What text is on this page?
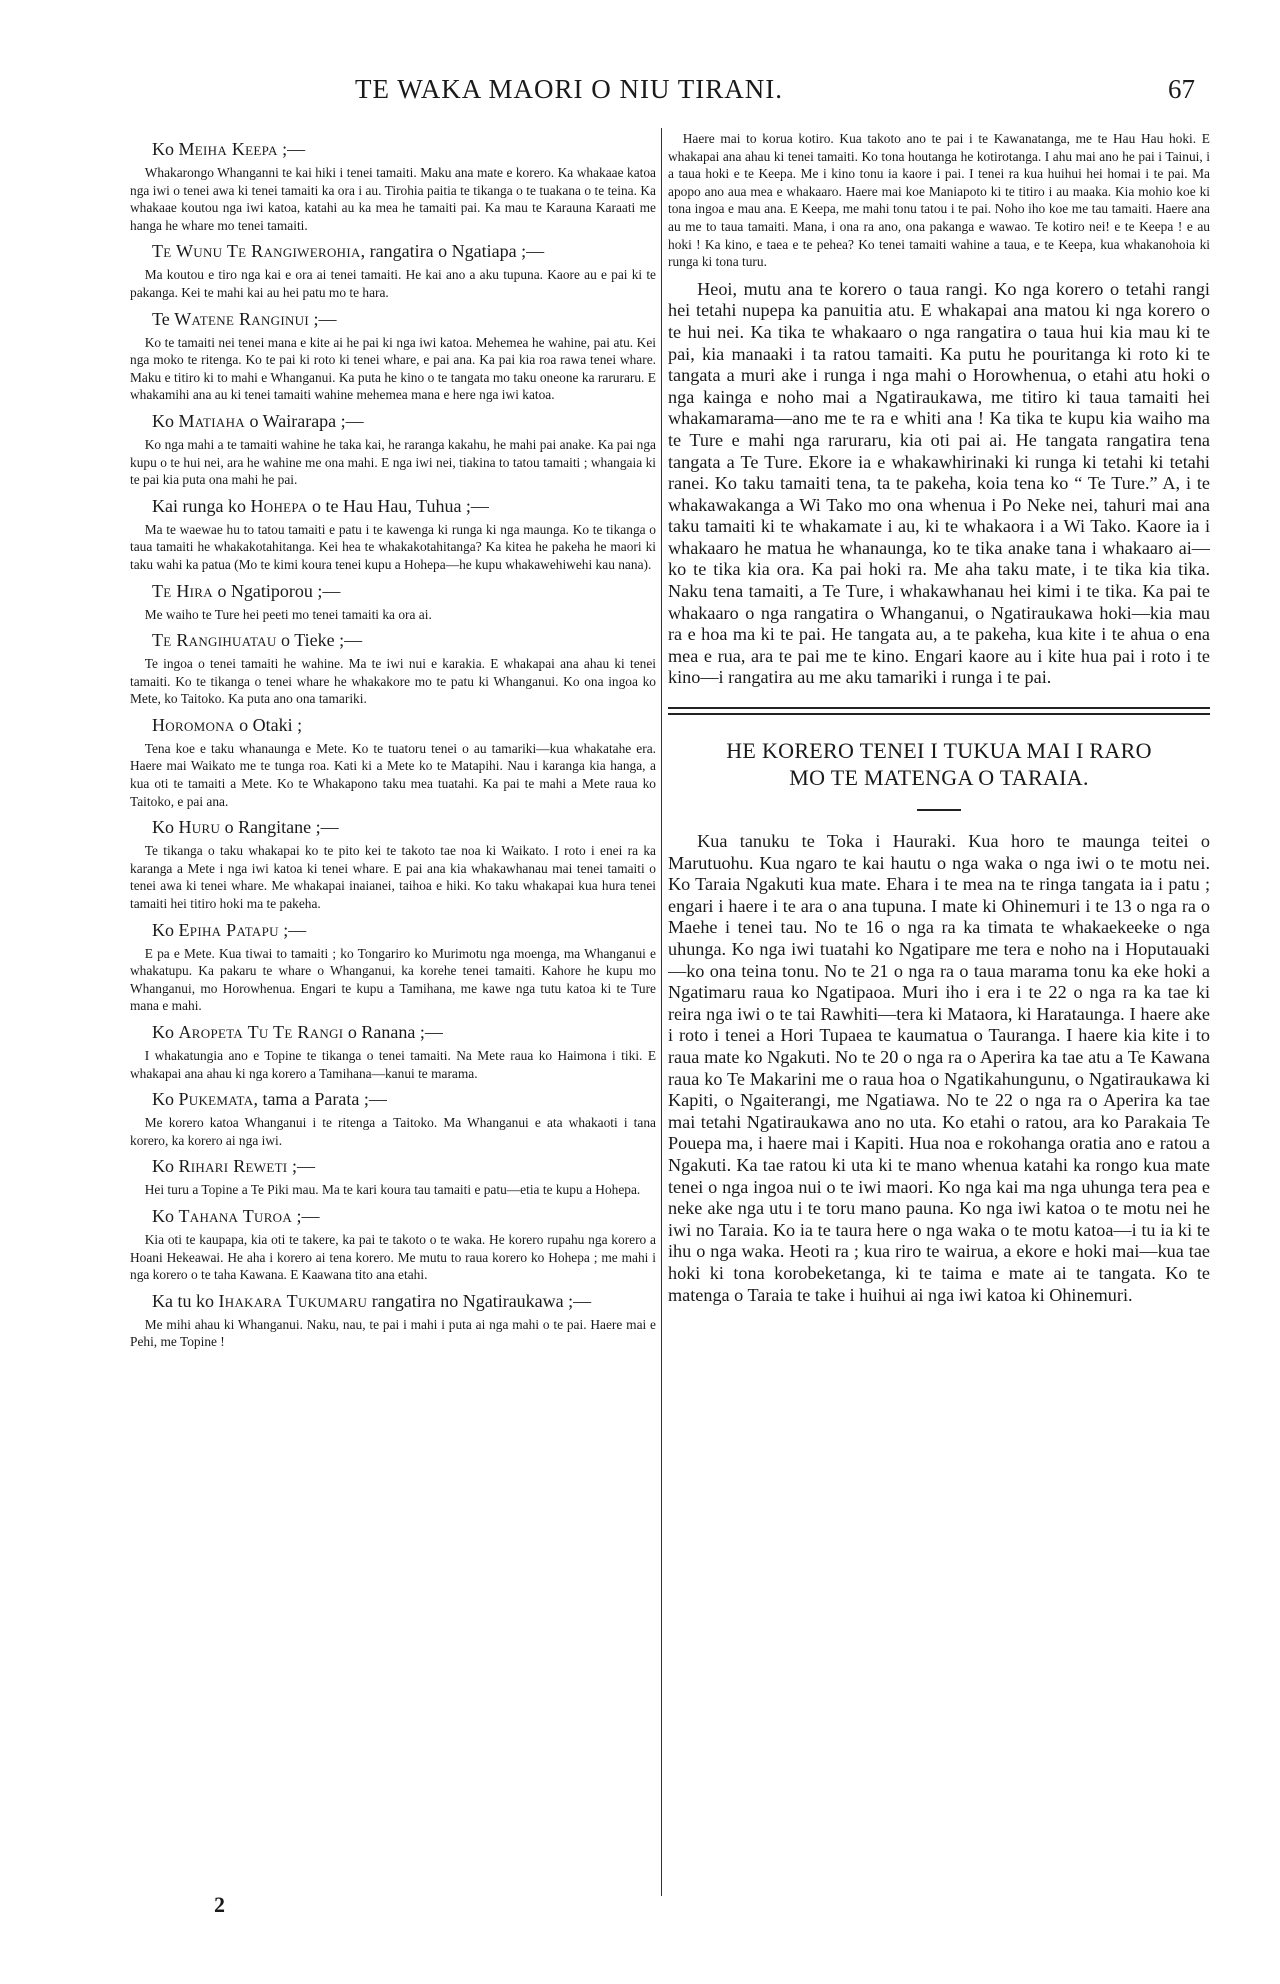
TE WAKA MAORI O NIU TIRANI.	67

Ko Meiha Keepa ;—

Whakarongo Whanganni te kai hiki i tenei tamaiti. Maku ana mate e korero. Ka whakaae katoa nga iwi o tenei awa ki tenei tamaiti ka ora i au. Tirohia paitia te tikanga o te tuakana o te teina. Ka whakaae koutou nga iwi katoa, katahi au ka mea he tamaiti pai. Ka mau te Karauna Karaati me hanga he whare mo tenei tamaiti.

Te Wunu Te Rangiwerohia, rangatira o Ngatiapa ;—

Ma koutou e tiro nga kai e ora ai tenei tamaiti. He kai ano a aku tupuna. Kaore au e pai ki te pakanga. Kei te mahi kai au hei patu mo te hara.

Te Watene Ranginui ;—

Ko te tamaiti nei tenei mana e kite ai he pai ki nga iwi katoa. Mehemea he wahine, pai atu. Kei nga moko te ritenga. Ko te pai ki roto ki tenei whare, e pai ana. Ka pai kia roa rawa tenei whare. Maku e titiro ki to mahi e Whanganui. Ka puta he kino o te tangata mo taku oneone ka raruraru. E whakamihi ana au ki tenei tamaiti wahine mehemea mana e here nga iwi katoa.

Ko Matiaha o Wairarapa ;—

Ko nga mahi a te tamaiti wahine he taka kai, he raranga kakahu, he mahi pai anake. Ka pai nga kupu o te hui nei, ara he wahine me ona mahi. E nga iwi nei, tiakina to tatou tamaiti ; whangaia ki te pai kia puta ona mahi he pai.

Kai runga ko Hohepa o te Hau Hau, Tuhua ;—

Ma te waewae hu to tatou tamaiti e patu i te kawenga ki runga ki nga maunga. Ko te tikanga o taua tamaiti he whakakotahitanga. Kei hea te whakakotahitanga? Ka kitea he pakeha he maori ki taku wahi ka patua (Mo te kimi koura tenei kupu a Hohepa—he kupu whakawehiwehi kau nana).

Te Hira o Ngatiporou ;—

Me waiho te Ture hei peeti mo tenei tamaiti ka ora ai.

Te Rangihuatau o Tieke ;—

Te ingoa o tenei tamaiti he wahine. Ma te iwi nui e karakia. E whakapai ana ahau ki tenei tamaiti. Ko te tikanga o tenei whare he whakakore mo te patu ki Whanganui. Ko ona ingoa ko Mete, ko Taitoko. Ka puta ano ona tamariki.

Horomona o Otaki ;

Tena koe e taku whanaunga e Mete. Ko te tuatoru tenei o au tamariki—kua whakatahe era. Haere mai Waikato me te tunga roa. Kati ki a Mete ko te Matapihi. Nau i karanga kia hanga, a kua oti te tamaiti a Mete. Ko te Whakapono taku mea tuatahi. Ka pai te mahi a Mete raua ko Taitoko, e pai ana.

Ko Huru o Rangitane ;—

Te tikanga o taku whakapai ko te pito kei te takoto tae noa ki Waikato. I roto i enei ra ka karanga a Mete i nga iwi katoa ki tenei whare. E pai ana kia whakawhanau mai tenei tamaiti o tenei awa ki tenei whare. Me whakapai inaianei, taihoa e hiki. Ko taku whakapai kua hura tenei tamaiti hei titiro hoki ma te pakeha.

Ko Epiha Patapu ;—

E pa e Mete. Kua tiwai to tamaiti ; ko Tongariro ko Murimotu nga moenga, ma Whanganui e whakatupu. Ka pakaru te whare o Whanganui, ka korehe tenei tamaiti. Kahore he kupu mo Whanganui, mo Horowhenua. Engari te kupu a Tamihana, me kawe nga tutu katoa ki te Ture mana e mahi.

Ko Aropeta Tu Te Rangi o Ranana ;—

I whakatungia ano e Topine te tikanga o tenei tamaiti. Na Mete raua ko Haimona i tiki. E whakapai ana ahau ki nga korero a Tamihana—kanui te marama.

Ko Pukemata, tama a Parata ;—

Me korero katoa Whanganui i te ritenga a Taitoko. Ma Whanganui e ata whakaoti i tana korero, ka korero ai nga iwi.

Ko Rihari Reweti ;—

Hei turu a Topine a Te Piki mau. Ma te kari koura tau tamaiti e patu—etia te kupu a Hohepa.

Ko Tahana Turoa ;—

Kia oti te kaupapa, kia oti te takere, ka pai te takoto o te waka. He korero rupahu nga korero a Hoani Hekeawai. He aha i korero ai tena korero. Me mutu to raua korero ko Hohepa ; me mahi i nga korero o te taha Kawana. E Kaawana tito ana etahi.

Ka tu ko Ihakara Tukumaru rangatira no Ngatiraukawa ;—

Me mihi ahau ki Whanganui. Naku, nau, te pai i mahi i puta ai nga mahi o te pai. Haere mai e Pehi, me Topine !

Haere mai to korua kotiro. Kua takoto ano te pai i te Kawanatanga, me te Hau Hau hoki. E whakapai ana ahau ki tenei tamaiti. Ko tona houtanga he kotirotanga. I ahu mai ano he pai i Tainui, i a taua hoki e te Keepa. Me i kino tonu ia kaore i pai. I tenei ra kua huihui hei homai i te pai. Ma apopo ano aua mea e whakaaro. Haere mai koe Maniapoto ki te titiro i au maaka. Kia mohio koe ki tona ingoa e mau ana. E Keepa, me mahi tonu tatou i te pai. Noho iho koe me tau tamaiti. Haere ana au me to taua tamaiti. Mana, i ona ra ano, ona pakanga e wawao. Te kotiro nei! e te Keepa ! e au hoki ! Ka kino, e taea e te pehea? Ko tenei tamaiti wahine a taua, e te Keepa, kua whakanohoia ki runga ki tona turu.

Heoi, mutu ana te korero o taua rangi. Ko nga korero o tetahi rangi hei tetahi nupepa ka panuitia atu. E whakapai ana matou ki nga korero o te hui nei. Ka tika te whakaaro o nga rangatira o taua hui kia mau ki te pai, kia manaaki i ta ratou tamaiti. Ka putu he pouritanga ki roto ki te tangata a muri ake i runga i nga mahi o Horowhenua, o etahi atu hoki o nga kainga e noho mai a Ngatiraukawa, me titiro ki taua tamaiti hei whakamarama—ano me te ra e whiti ana ! Ka tika te kupu kia waiho ma te Ture e mahi nga raruraru, kia oti pai ai. He tangata rangatira tena tangata a Te Ture. Ekore ia e whakawhirinaki ki runga ki tetahi ki tetahi ranei. Ko taku tamaiti tena, ta te pakeha, koia tena ko “ Te Ture.” A, i te whakawakanga a Wi Tako mo ona whenua i Po Neke nei, tahuri mai ana taku tamaiti ki te whakamate i au, ki te whakaora i a Wi Tako. Kaore ia i whakaaro he matua he whanaunga, ko te tika anake tana i whakaaro ai—ko te tika kia ora. Ka pai hoki ra. Me aha taku mate, i te tika kia tika. Naku tena tamaiti, a Te Ture, i whakawhanau hei kimi i te tika. Ka pai te whakaaro o nga rangatira o Whanganui, o Ngatiraukawa hoki—kia mau ra e hoa ma ki te pai. He tangata au, a te pakeha, kua kite i te ahua o ena mea e rua, ara te pai me te kino. Engari kaore au i kite hua pai i roto i te kino—i rangatira au me aku tamariki i runga i te pai.

HE KORERO TENEI I TUKUA MAI I RARO
MO TE MATENGA O TARAIA.

Kua tanuku te Toka i Hauraki. Kua horo te maunga teitei o Marutuohu. Kua ngaro te kai hautu o nga waka o nga iwi o te motu nei. Ko Taraia Ngakuti kua mate. Ehara i te mea na te ringa tangata ia i patu ; engari i haere i te ara o ana tupuna. I mate ki Ohinemuri i te 13 o nga ra o Maehe i tenei tau. No te 16 o nga ra ka timata te whakaekeeke o nga uhunga. Ko nga iwi tuatahi ko Ngatipare me tera e noho na i Hoputauaki—ko ona teina tonu. No te 21 o nga ra o taua marama tonu ka eke hoki a Ngatimaru raua ko Ngatipaoa. Muri iho i era i te 22 o nga ra ka tae ki reira nga iwi o te tai Rawhiti—tera ki Mataora, ki Harataunga. I haere ake i roto i tenei a Hori Tupaea te kaumatua o Tauranga. I haere kia kite i to raua mate ko Ngakuti. No te 20 o nga ra o Aperira ka tae atu a Te Kawana raua ko Te Makarini me o raua hoa o Ngatikahungunu, o Ngatiraukawa ki Kapiti, o Ngaiterangi, me Ngatiawa. No te 22 o nga ra o Aperira ka tae mai tetahi Ngatiraukawa ano no uta. Ko etahi o ratou, ara ko Parakaia Te Pouepa ma, i haere mai i Kapiti. Hua noa e rokohanga oratia ano e ratou a Ngakuti. Ka tae ratou ki uta ki te mano whenua katahi ka rongo kua mate tenei o nga ingoa nui o te iwi maori. Ko nga kai ma nga uhunga tera pea e neke ake nga utu i te toru mano pauna. Ko nga iwi katoa o te motu nei he iwi no Taraia. Ko ia te taura here o nga waka o te motu katoa—i tu ia ki te ihu o nga waka. Heoti ra ; kua riro te wairua, a ekore e hoki mai—kua tae hoki ki tona korobeketanga, ki te taima e mate ai te tangata. Ko te matenga o Taraia te take i huihui ai nga iwi katoa ki Ohinemuri.

2
